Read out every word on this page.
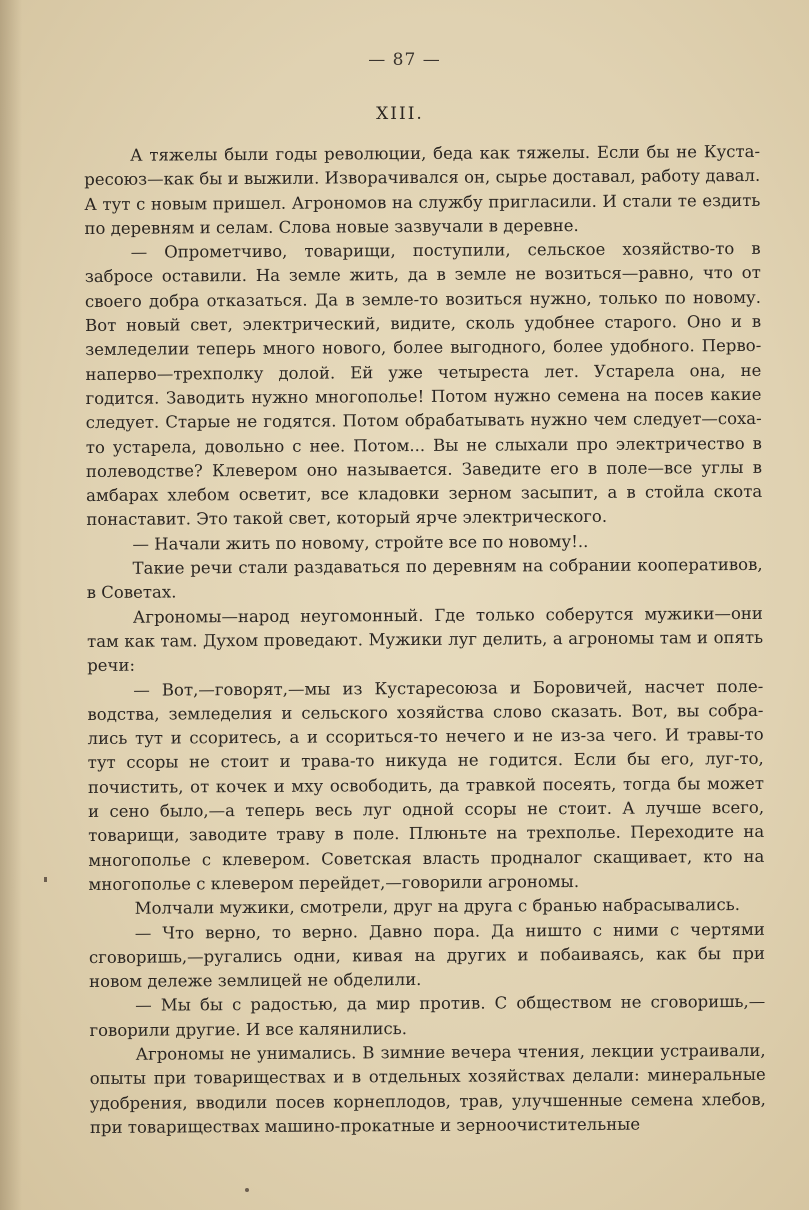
— 87 —
XIII.

А тяжелы были годы революции, беда как тяжелы. Если бы не Кустаресоюз—как бы и выжили. Изворачивался он, сырье доставал, работу давал. А тут с новым пришел. Агрономов на службу пригласили. И стали те ездить по деревням и селам. Слова новые зазвучали в деревне.

— Опрометчиво, товарищи, поступили, сельское хозяйство-то в забросе оставили. На земле жить, да в земле не возиться—равно, что от своего добра отказаться. Да в земле-то возиться нужно, только по новому. Вот новый свет, электрический, видите, сколь удобнее старого. Оно и в земледелии теперь много нового, более выгодного, более удобного. Перво-наперво—трехполку долой. Ей уже четыреста лет. Устарела она, не годится. Заводить нужно многополье! Потом нужно семена на посев какие следует. Старые не годятся. Потом обрабатывать нужно чем следует—соха-то устарела, довольно с нее. Потом... Вы не слыхали про электричество в полеводстве? Клевером оно называется. Заведите его в поле—все углы в амбарах хлебом осветит, все кладовки зерном засыпит, а в стойла скота понаставит. Это такой свет, который ярче электрического.

— Начали жить по новому, стройте все по новому!..

Такие речи стали раздаваться по деревням на собрании кооперативов, в Советах.

Агрономы—народ неугомонный. Где только соберутся мужики—они там как там. Духом проведают. Мужики луг делить, а агрономы там и опять речи:

— Вот,—говорят,—мы из Кустаресоюза и Боровичей, насчет полеводства, земледелия и сельского хозяйства слово сказать. Вот, вы собрались тут и ссоритесь, а и ссориться-то нечего и не из-за чего. И травы-то тут ссоры не стоит и трава-то никуда не годится. Если бы его, луг-то, почистить, от кочек и мху освободить, да травкой посеять, тогда бы может и сено было,—а теперь весь луг одной ссоры не стоит. А лучше всего, товарищи, заводите траву в поле. Плюньте на трехполье. Переходите на многополье с клевером. Советская власть продналог скащивает, кто на многополье с клевером перейдет,—говорили агрономы.

Молчали мужики, смотрели, друг на друга с бранью набрасывались.

— Что верно, то верно. Давно пора. Да ништо с ними с чертями сговоришь,—ругались одни, кивая на других и побаиваясь, как бы при новом дележе землицей не обделили.

— Мы бы с радостью, да мир против. С обществом не сговоришь,—говорили другие. И все калянились.

Агрономы не унимались. В зимние вечера чтения, лекции устраивали, опыты при товариществах и в отдельных хозяйствах делали: минеральные удобрения, вводили посев корнеплодов, трав, улучшенные семена хлебов, при товариществах машино-прокатные и зерноочистительные
